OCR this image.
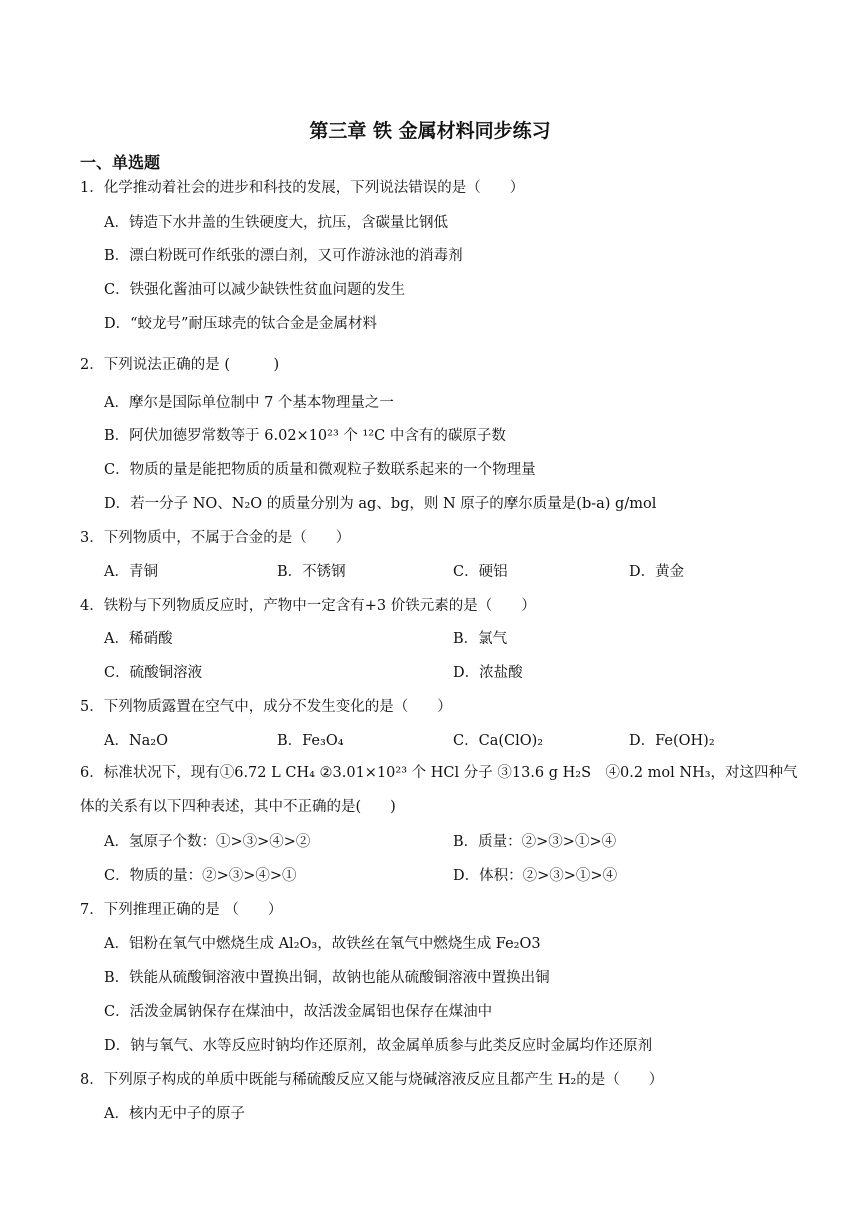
第三章 铁 金属材料同步练习
一、单选题
1．化学推动着社会的进步和科技的发展，下列说法错误的是（　　）
A．铸造下水井盖的生铁硬度大，抗压，含碳量比钢低
B．漂白粉既可作纸张的漂白剂，又可作游泳池的消毒剂
C．铁强化酱油可以减少缺铁性贫血问题的发生
D．“蛟龙号”耐压球壳的钛合金是金属材料
2．下列说法正确的是 (　　　)
A．摩尔是国际单位制中 7 个基本物理量之一
B．阿伏加德罗常数等于 6.02×10²³ 个 ¹²C 中含有的碳原子数
C．物质的量是能把物质的质量和微观粒子数联系起来的一个物理量
D．若一分子 NO、N₂O 的质量分别为 ag、bg，则 N 原子的摩尔质量是(b-a) g/mol
3．下列物质中，不属于合金的是（　　）
A．青铜	B．不锈钢	C．硬铝	D．黄金
4．铁粉与下列物质反应时，产物中一定含有+3 价铁元素的是（　　）
A．稀硝酸	B．氯气
C．硫酸铜溶液	D．浓盐酸
5．下列物质露置在空气中，成分不发生变化的是（　　）
A．Na₂O	B．Fe₃O₄	C．Ca(ClO)₂	D．Fe(OH)₂
6．标准状况下，现有①6.72 L CH₄ ②3.01×10²³ 个 HCl 分子 ③13.6 g H₂S　④0.2 mol NH₃，对这四种气体的关系有以下四种表述，其中不正确的是(　　)
A．氢原子个数：①>③>④>②	B．质量：②>③>①>④
C．物质的量：②>③>④>①	D．体积：②>③>①>④
7．下列推理正确的是 （　　）
A．铝粉在氧气中燃烧生成 Al₂O₃，故铁丝在氧气中燃烧生成 Fe₂O3
B．铁能从硫酸铜溶液中置换出铜，故钠也能从硫酸铜溶液中置换出铜
C．活泼金属钠保存在煤油中，故活泼金属铝也保存在煤油中
D．钠与氧气、水等反应时钠均作还原剂，故金属单质参与此类反应时金属均作还原剂
8．下列原子构成的单质中既能与稀硫酸反应又能与烧碱溶液反应且都产生 H₂的是（　　）
A．核内无中子的原子
